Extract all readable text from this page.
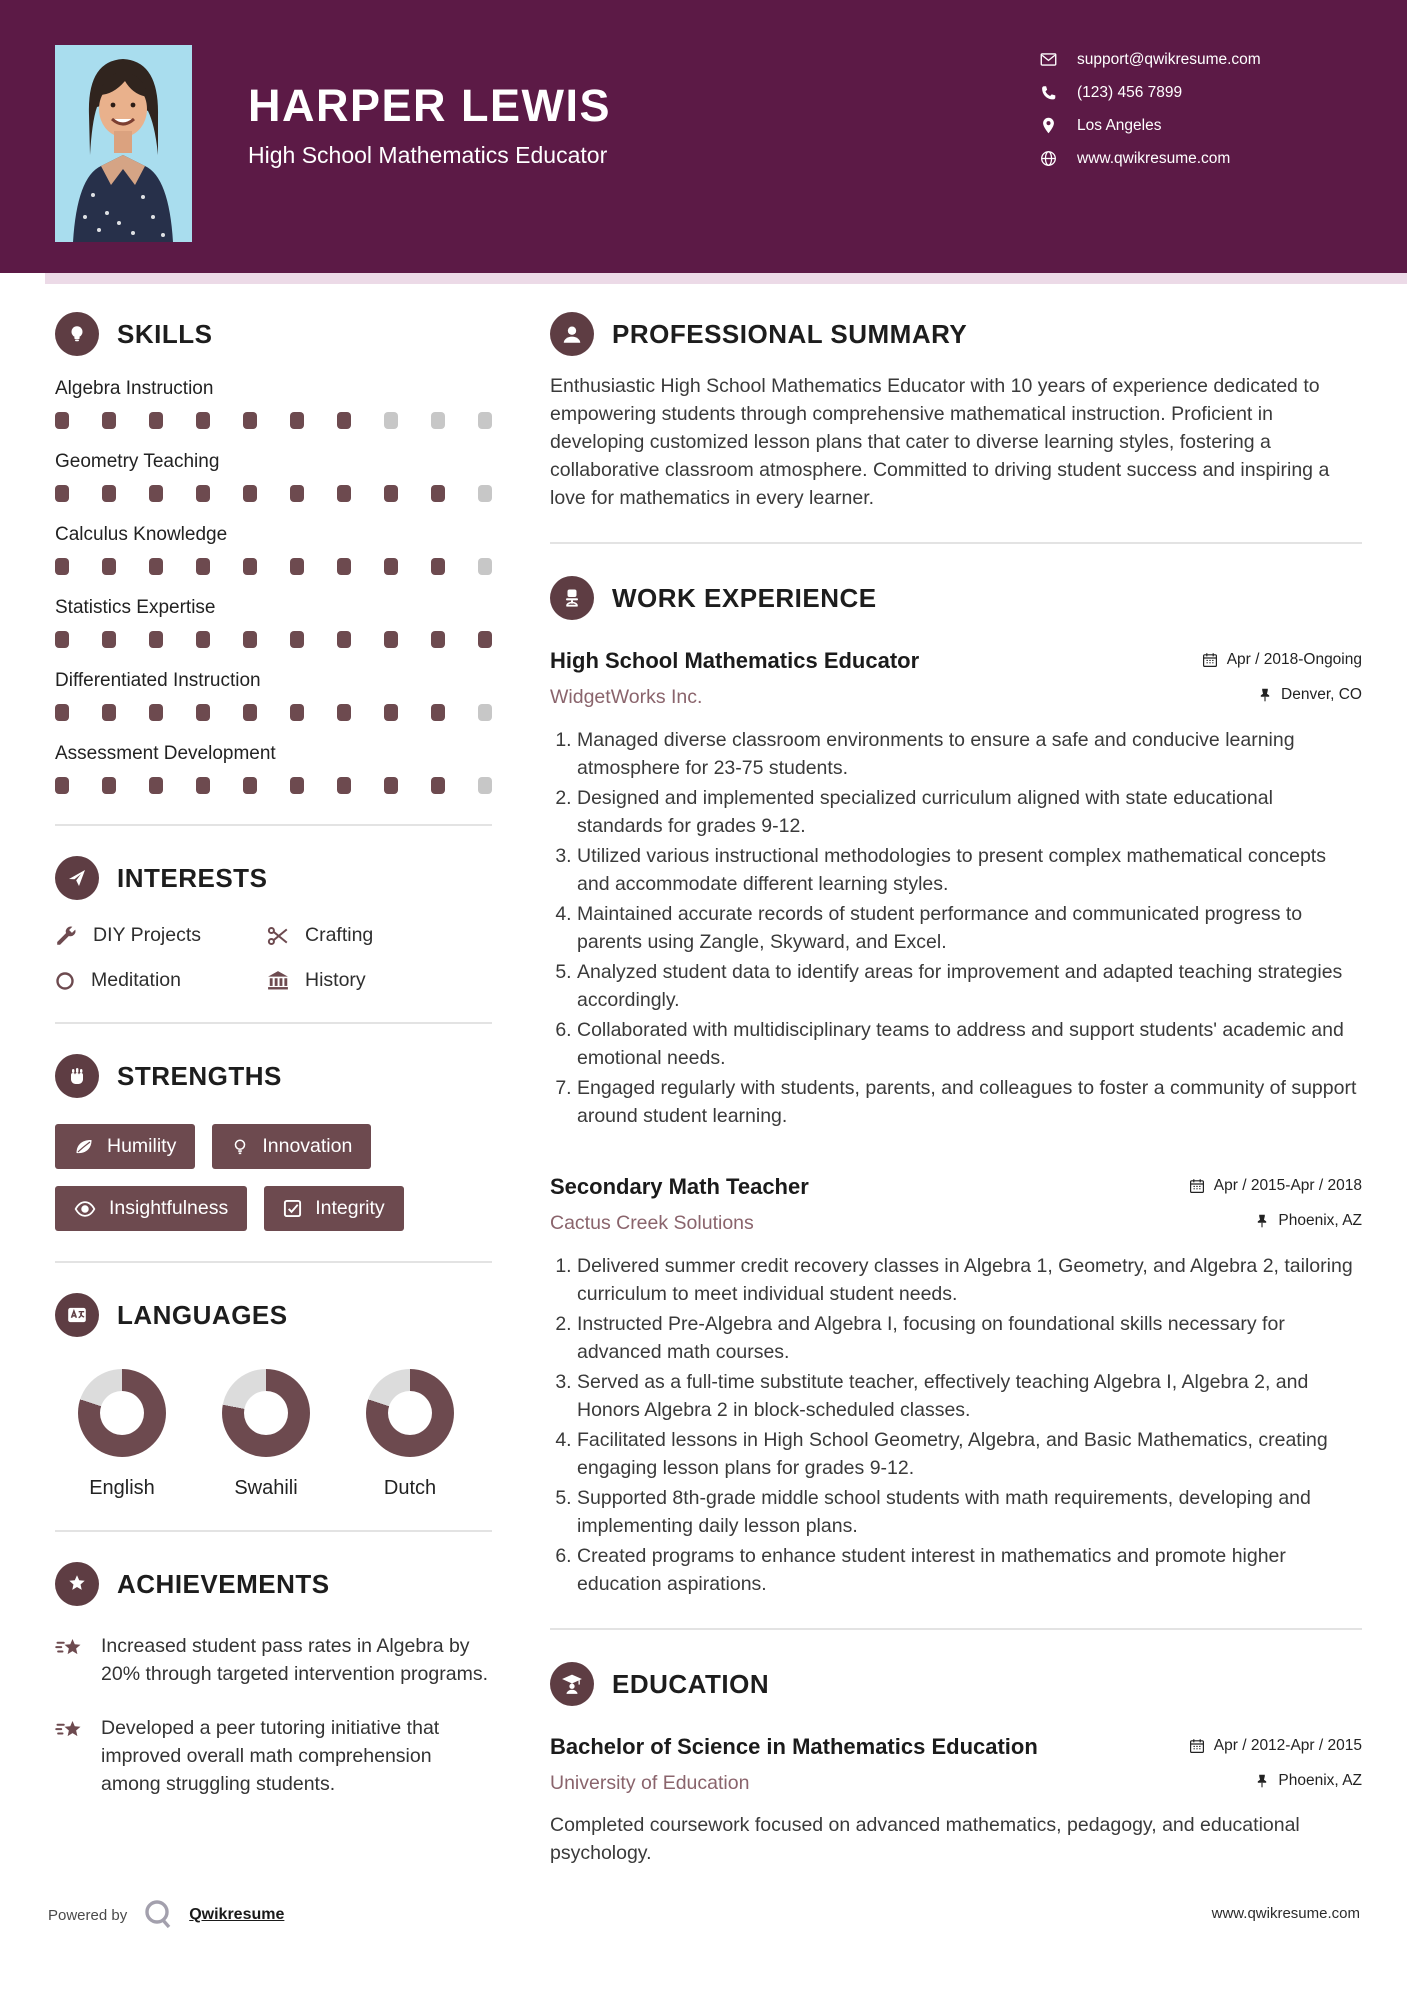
HARPER LEWIS
High School Mathematics Educator
support@qwikresume.com
(123) 456 7899
Los Angeles
www.qwikresume.com
SKILLS
Algebra Instruction
Geometry Teaching
Calculus Knowledge
Statistics Expertise
Differentiated Instruction
Assessment Development
INTERESTS
DIY Projects	Crafting
Meditation	History
STRENGTHS
Humility	Innovation
Insightfulness	Integrity
LANGUAGES
English	Swahili	Dutch
ACHIEVEMENTS
Increased student pass rates in Algebra by 20% through targeted intervention programs.
Developed a peer tutoring initiative that improved overall math comprehension among struggling students.
PROFESSIONAL SUMMARY

Enthusiastic High School Mathematics Educator with 10 years of experience dedicated to empowering students through comprehensive mathematical instruction. Proficient in developing customized lesson plans that cater to diverse learning styles, fostering a collaborative classroom atmosphere. Committed to driving student success and inspiring a love for mathematics in every learner.

WORK EXPERIENCE
High School Mathematics Educator	Apr / 2018-Ongoing
WidgetWorks Inc.	Denver, CO
1. Managed diverse classroom environments to ensure a safe and conducive learning atmosphere for 23-75 students.
2. Designed and implemented specialized curriculum aligned with state educational standards for grades 9-12.
3. Utilized various instructional methodologies to present complex mathematical concepts and accommodate different learning styles.
4. Maintained accurate records of student performance and communicated progress to parents using Zangle, Skyward, and Excel.
5. Analyzed student data to identify areas for improvement and adapted teaching strategies accordingly.
6. Collaborated with multidisciplinary teams to address and support students' academic and emotional needs.
7. Engaged regularly with students, parents, and colleagues to foster a community of support around student learning.
Secondary Math Teacher	Apr / 2015-Apr / 2018
Cactus Creek Solutions	Phoenix, AZ
1. Delivered summer credit recovery classes in Algebra 1, Geometry, and Algebra 2, tailoring curriculum to meet individual student needs.
2. Instructed Pre-Algebra and Algebra I, focusing on foundational skills necessary for advanced math courses.
3. Served as a full-time substitute teacher, effectively teaching Algebra I, Algebra 2, and Honors Algebra 2 in block-scheduled classes.
4. Facilitated lessons in High School Geometry, Algebra, and Basic Mathematics, creating engaging lesson plans for grades 9-12.
5. Supported 8th-grade middle school students with math requirements, developing and implementing daily lesson plans.
6. Created programs to enhance student interest in mathematics and promote higher education aspirations.
EDUCATION
Bachelor of Science in Mathematics Education	Apr / 2012-Apr / 2015
University of Education	Phoenix, AZ

Completed coursework focused on advanced mathematics, pedagogy, and educational psychology.

Powered by	Qwikresume	www.qwikresume.com
